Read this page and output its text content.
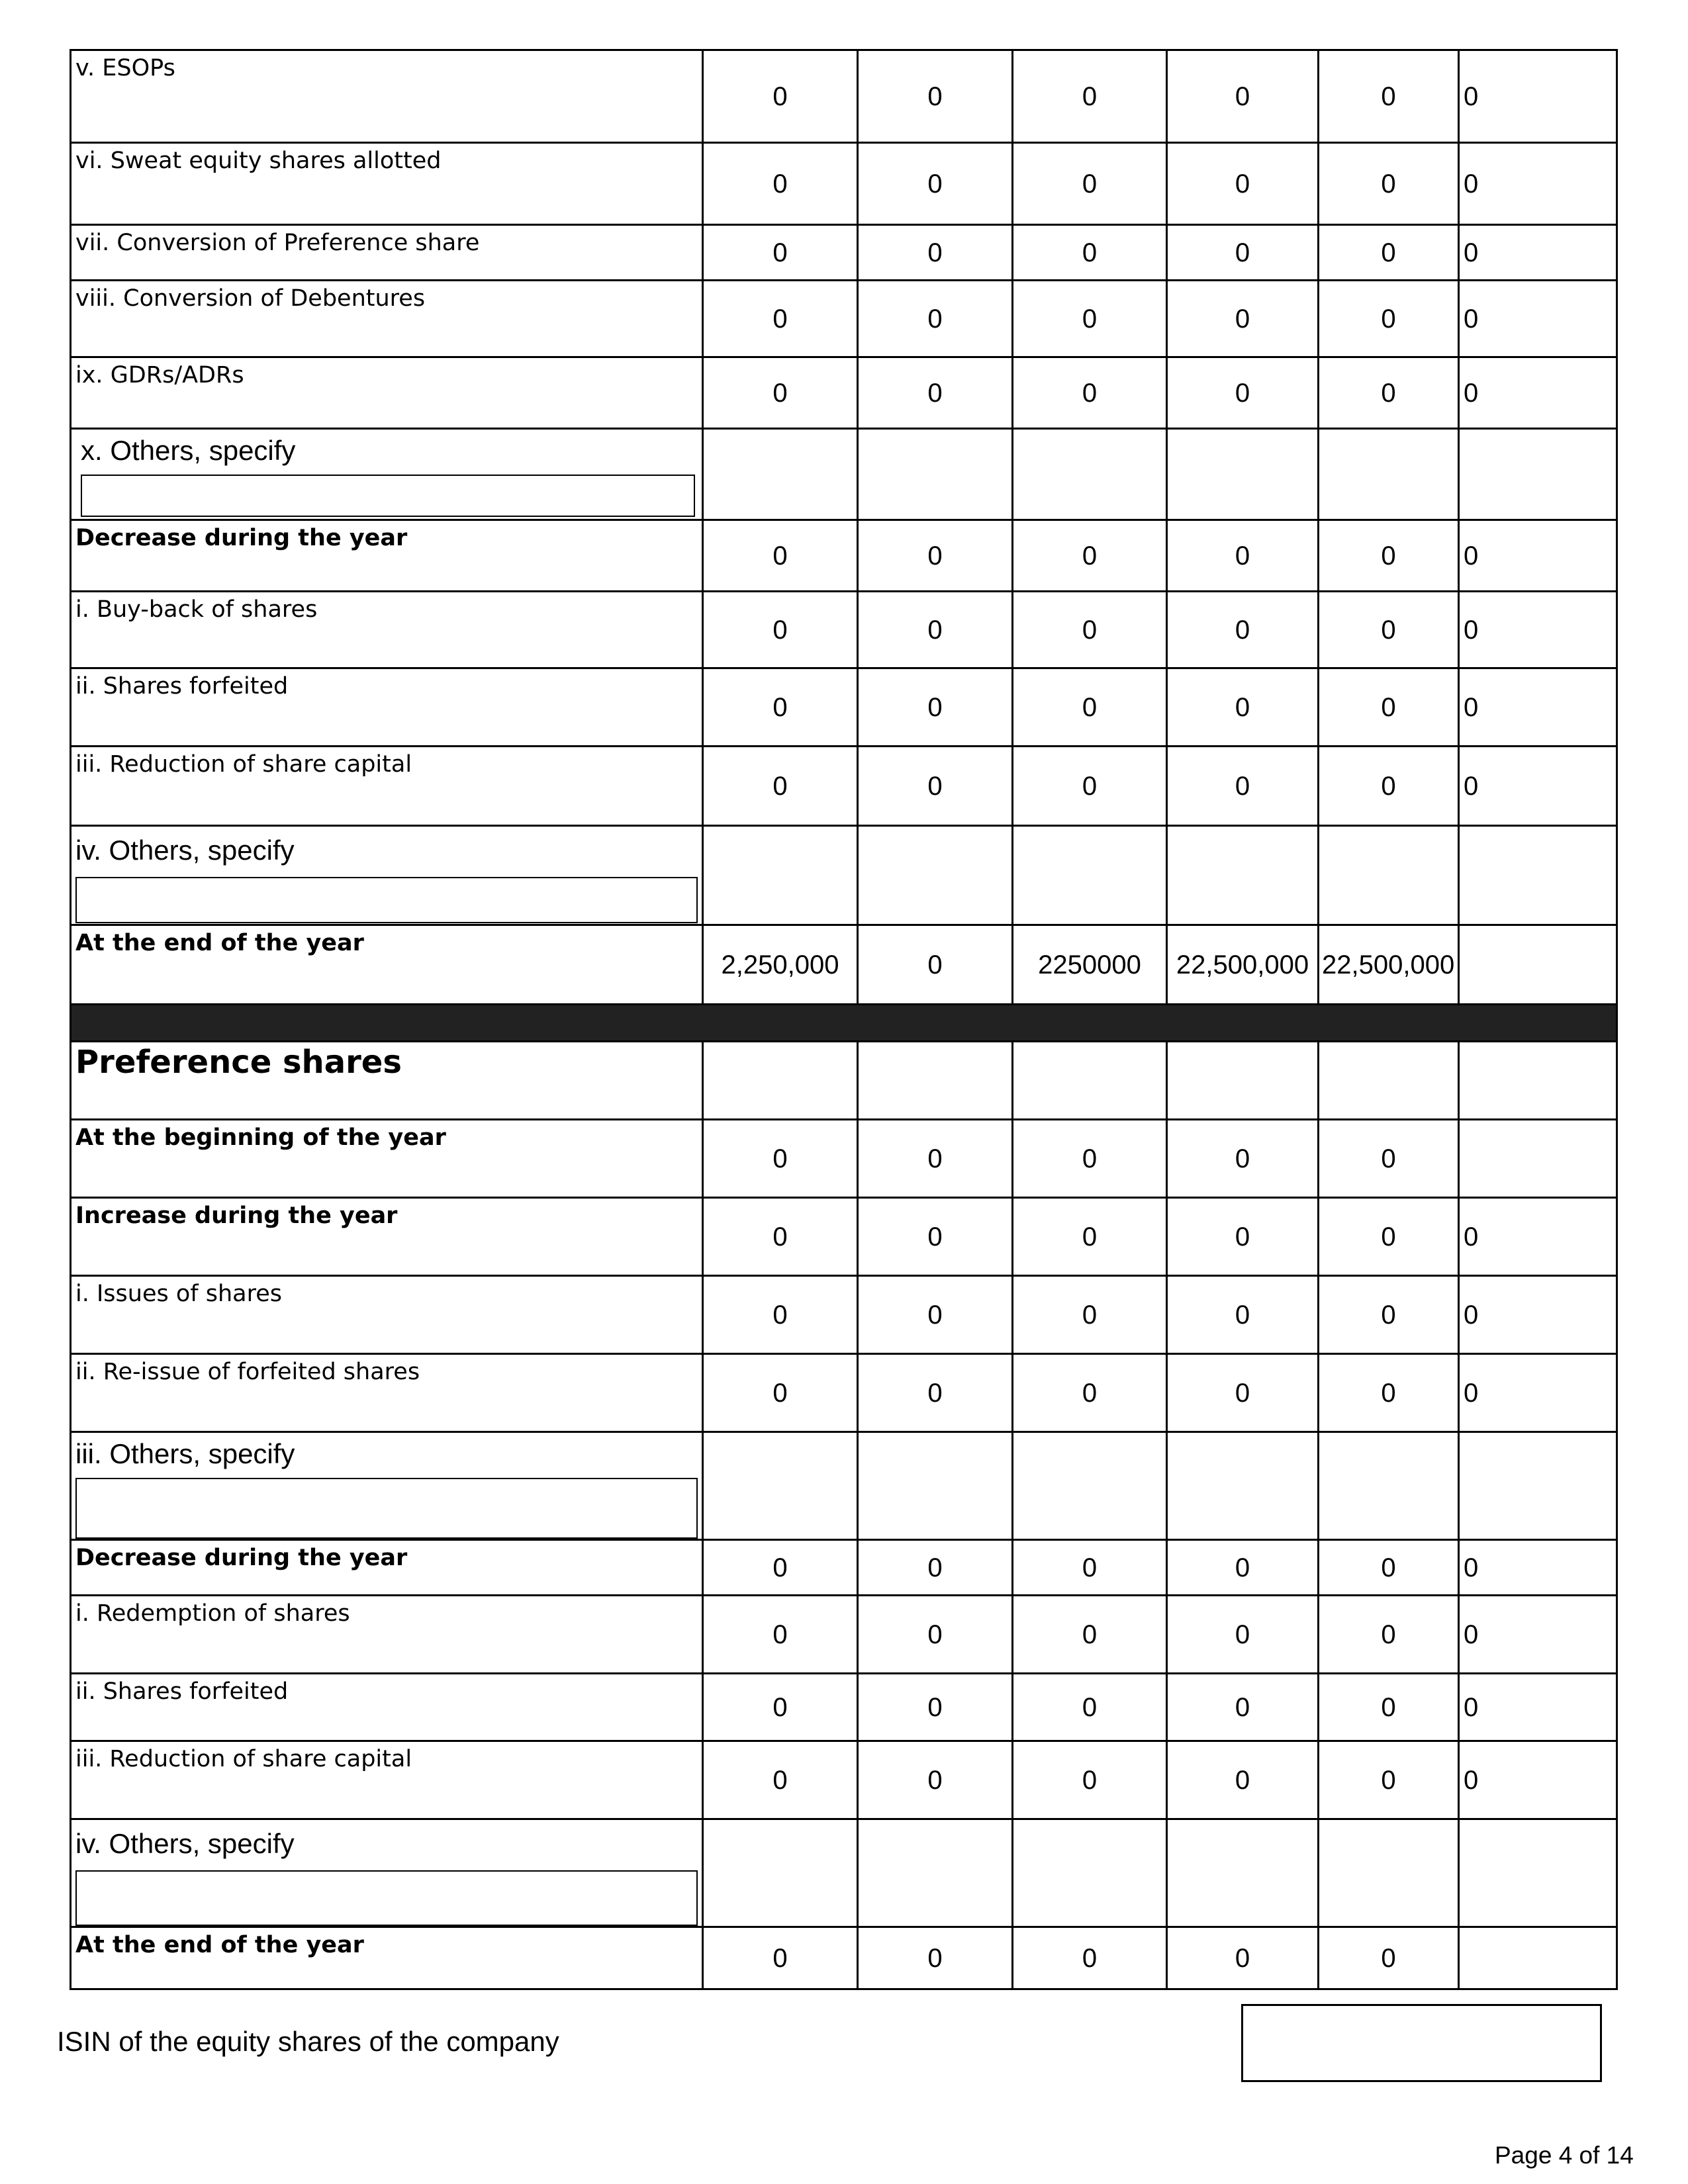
v. ESOPs	0	0	0	0	0	0
vi. Sweat equity shares allotted	0	0	0	0	0	0
vii. Conversion of Preference share	0	0	0	0	0	0
viii. Conversion of Debentures	0	0	0	0	0	0
ix. GDRs/ADRs	0	0	0	0	0	0

x. Others, specify						

Decrease during the year	0	0	0	0	0	0
i. Buy-back of shares	0	0	0	0	0	0
ii. Shares forfeited	0	0	0	0	0	0
iii. Reduction of share capital	0	0	0	0	0	0

iv. Others, specify						

At the end of the year	2,250,000	0	2250000	22,500,000	22,500,000	

Preference shares						
At the beginning of the year	0	0	0	0	0	
Increase during the year	0	0	0	0	0	0
i. Issues of shares	0	0	0	0	0	0
ii. Re-issue of forfeited shares	0	0	0	0	0	0

iii. Others, specify						

Decrease during the year	0	0	0	0	0	0
i. Redemption of shares	0	0	0	0	0	0
ii. Shares forfeited	0	0	0	0	0	0
iii. Reduction of share capital	0	0	0	0	0	0

iv. Others, specify						

At the end of the year	0	0	0	0	0	
ISIN of the equity shares of the company
Page 4 of 14
